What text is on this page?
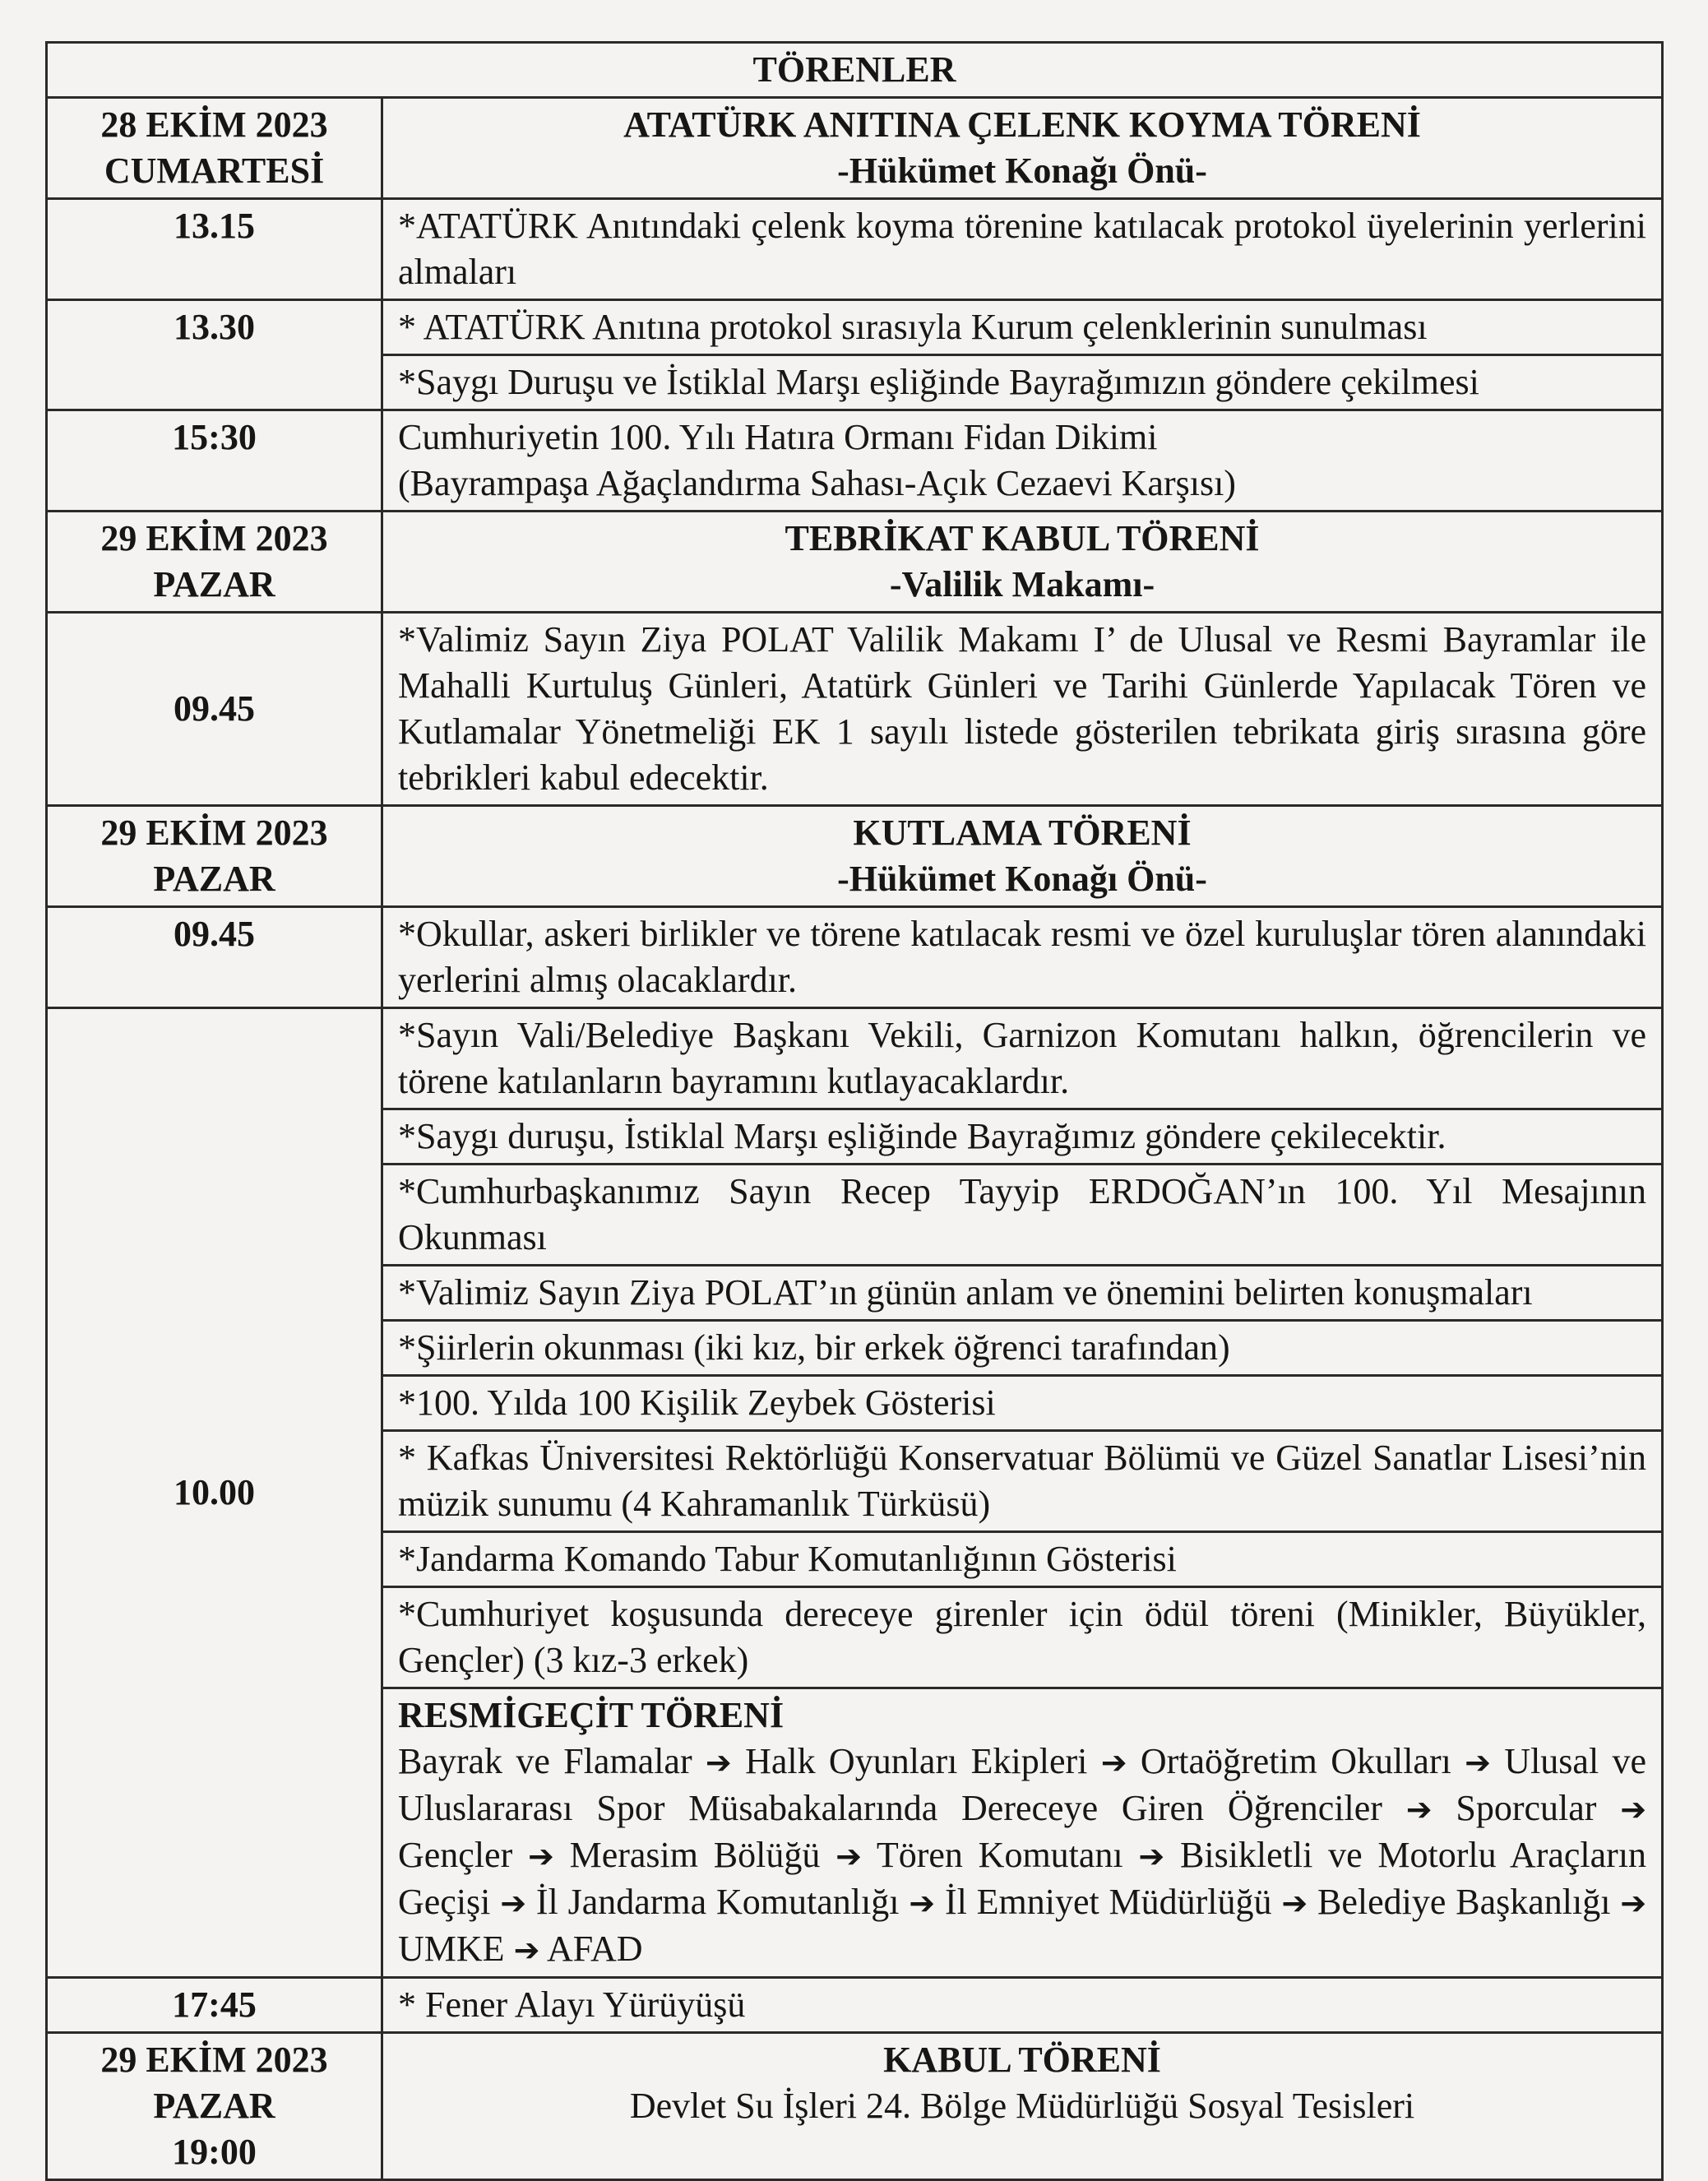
TÖRENLER	

28 EKİM 2023
CUMARTESİ	ATATÜRK ANITINA ÇELENK KOYMA TÖRENİ
-Hükümet Konağı Önü-

13.15	*ATATÜRK Anıtındaki çelenk koyma törenine katılacak protokol üyelerinin yerlerini almaları
13.30	* ATATÜRK Anıtına protokol sırasıyla Kurum çelenklerinin sunulması
	*Saygı Duruşu ve İstiklal Marşı eşliğinde Bayrağımızın göndere çekilmesi
15:30	Cumhuriyetin 100. Yılı Hatıra Ormanı Fidan Dikimi
(Bayrampaşa Ağaçlandırma Sahası-Açık Cezaevi Karşısı)

29 EKİM 2023
PAZAR	TEBRİKAT KABUL TÖRENİ
-Valilik Makamı-

09.45	*Valimiz Sayın Ziya POLAT Valilik Makamı I’ de Ulusal ve Resmi Bayramlar ile Mahalli Kurtuluş Günleri, Atatürk Günleri ve Tarihi Günlerde Yapılacak Tören ve Kutlamalar Yönetmeliği EK 1 sayılı listede gösterilen tebrikata giriş sırasına göre tebrikleri kabul edecektir.

29 EKİM 2023
PAZAR	KUTLAMA TÖRENİ
-Hükümet Konağı Önü-

09.45	*Okullar, askeri birlikler ve törene katılacak resmi ve özel kuruluşlar tören alanındaki yerlerini almış olacaklardır.
10.00	*Sayın Vali/Belediye Başkanı Vekili, Garnizon Komutanı halkın, öğrencilerin ve törene katılanların bayramını kutlayacaklardır.
	*Saygı duruşu, İstiklal Marşı eşliğinde Bayrağımız göndere çekilecektir.
	*Cumhurbaşkanımız Sayın Recep Tayyip ERDOĞAN’ın 100. Yıl Mesajının Okunması
	*Valimiz Sayın Ziya POLAT’ın günün anlam ve önemini belirten konuşmaları
	*Şiirlerin okunması (iki kız, bir erkek öğrenci tarafından)
	*100. Yılda 100 Kişilik Zeybek Gösterisi
	* Kafkas Üniversitesi Rektörlüğü Konservatuar Bölümü ve Güzel Sanatlar Lisesi’nin müzik sunumu (4 Kahramanlık Türküsü)
	*Jandarma Komando Tabur Komutanlığının Gösterisi
	*Cumhuriyet koşusunda dereceye girenler için ödül töreni (Minikler, Büyükler, Gençler) (3 kız-3 erkek)

	RESMİGEÇİT TÖRENİ
Bayrak ve Flamalar ➔ Halk Oyunları Ekipleri ➔ Ortaöğretim Okulları ➔ Ulusal ve Uluslararası Spor Müsabakalarında Dereceye Giren Öğrenciler ➔ Sporcular ➔ Gençler ➔ Merasim Bölüğü ➔ Tören Komutanı ➔ Bisikletli ve Motorlu Araçların Geçişi ➔ İl Jandarma Komutanlığı ➔ İl Emniyet Müdürlüğü ➔ Belediye Başkanlığı ➔ UMKE ➔ AFAD
17:45	* Fener Alayı Yürüyüşü

29 EKİM 2023
PAZAR
19:00	KABUL TÖRENİ
Devlet Su İşleri 24. Bölge Müdürlüğü Sosyal Tesisleri
